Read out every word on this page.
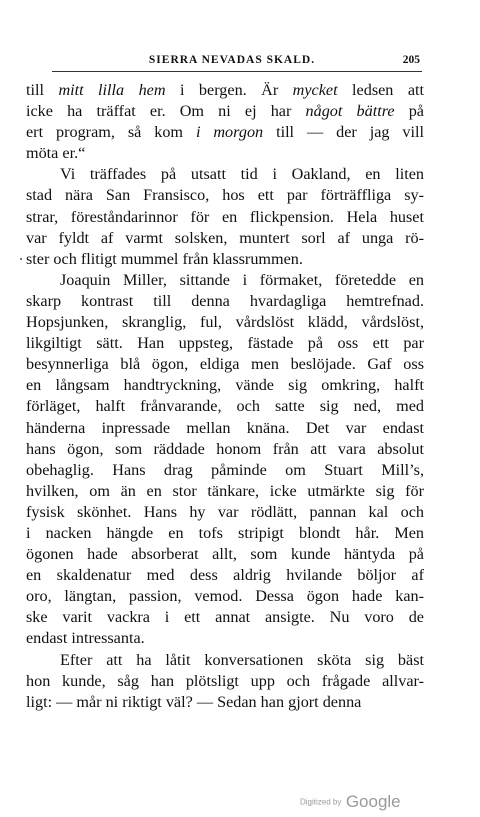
SIERRA NEVADAS SKALD.	205
till mitt lilla hem i bergen. Är mycket ledsen att
icke ha träffat er. Om ni ej har något bättre på
ert program, så kom i morgon till — der jag vill
möta er.“
Vi träffades på utsatt tid i Oakland, en liten
stad nära San Fransisco, hos ett par förträffliga sy-
strar, föreståndarinnor för en flickpension. Hela huset
var fyldt af varmt solsken, muntert sorl af unga rö-
ster och flitigt mummel från klassrummen.
Joaquin Miller, sittande i förmaket, företedde en
skarp kontrast till denna hvardagliga hemtrefnad.
Hopsjunken, skranglig, ful, vårdslöst klädd, vårdslöst,
likgiltigt sätt. Han uppsteg, fästade på oss ett par
besynnerliga blå ögon, eldiga men beslöjade. Gaf oss
en långsam handtryckning, vände sig omkring, halft
förläget, halft frånvarande, och satte sig ned, med
händerna inpressade mellan knäna. Det var endast
hans ögon, som räddade honom från att vara absolut
obehaglig. Hans drag påminde om Stuart Mill’s,
hvilken, om än en stor tänkare, icke utmärkte sig för
fysisk skönhet. Hans hy var rödlätt, pannan kal och
i nacken hängde en tofs stripigt blondt hår. Men
ögonen hade absorberat allt, som kunde häntyda på
en skaldenatur med dess aldrig hvilande böljor af
oro, längtan, passion, vemod. Dessa ögon hade kan-
ske varit vackra i ett annat ansigte. Nu voro de
endast intressanta.
Efter att ha låtit konversationen sköta sig bäst
hon kunde, såg han plötsligt upp och frågade allvar-
ligt: –– mår ni riktigt väl? — Sedan han gjort denna
Digitized by Google
